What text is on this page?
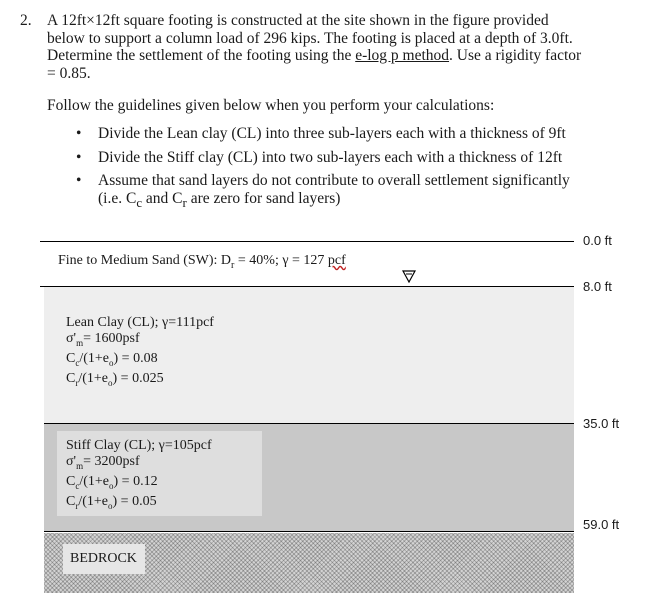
2. A 12ft×12ft square footing is constructed at the site shown in the figure provided
below to support a column load of 296 kips. The footing is placed at a depth of 3.0ft.
Determine the settlement of the footing using the e-log p method. Use a rigidity factor
= 0.85.
Follow the guidelines given below when you perform your calculations:
• Divide the Lean clay (CL) into three sub-layers each with a thickness of 9ft
• Divide the Stiff clay (CL) into two sub-layers each with a thickness of 12ft
• Assume that sand layers do not contribute to overall settlement significantly
(i.e. $C_c$ and $C_r$ are zero for sand layers)
0.0 ft
Fine to Medium Sand (SW): $D_r = 40\%$; γ = 127 pcf
8.0 ft
Lean Clay (CL); γ=111pcf
$\sigma'_m= 1600psf$
$C_c/(1+e_o) = 0.08$
$C_r/(1+e_o) = 0.025$
35.0 ft
Stiff Clay (CL); γ=105pcf
$\sigma'_m= 3200psf$
$C_c/(1+e_o) = 0.12$
$C_r/(1+e_o) = 0.05$
59.0 ft
BEDROCK
